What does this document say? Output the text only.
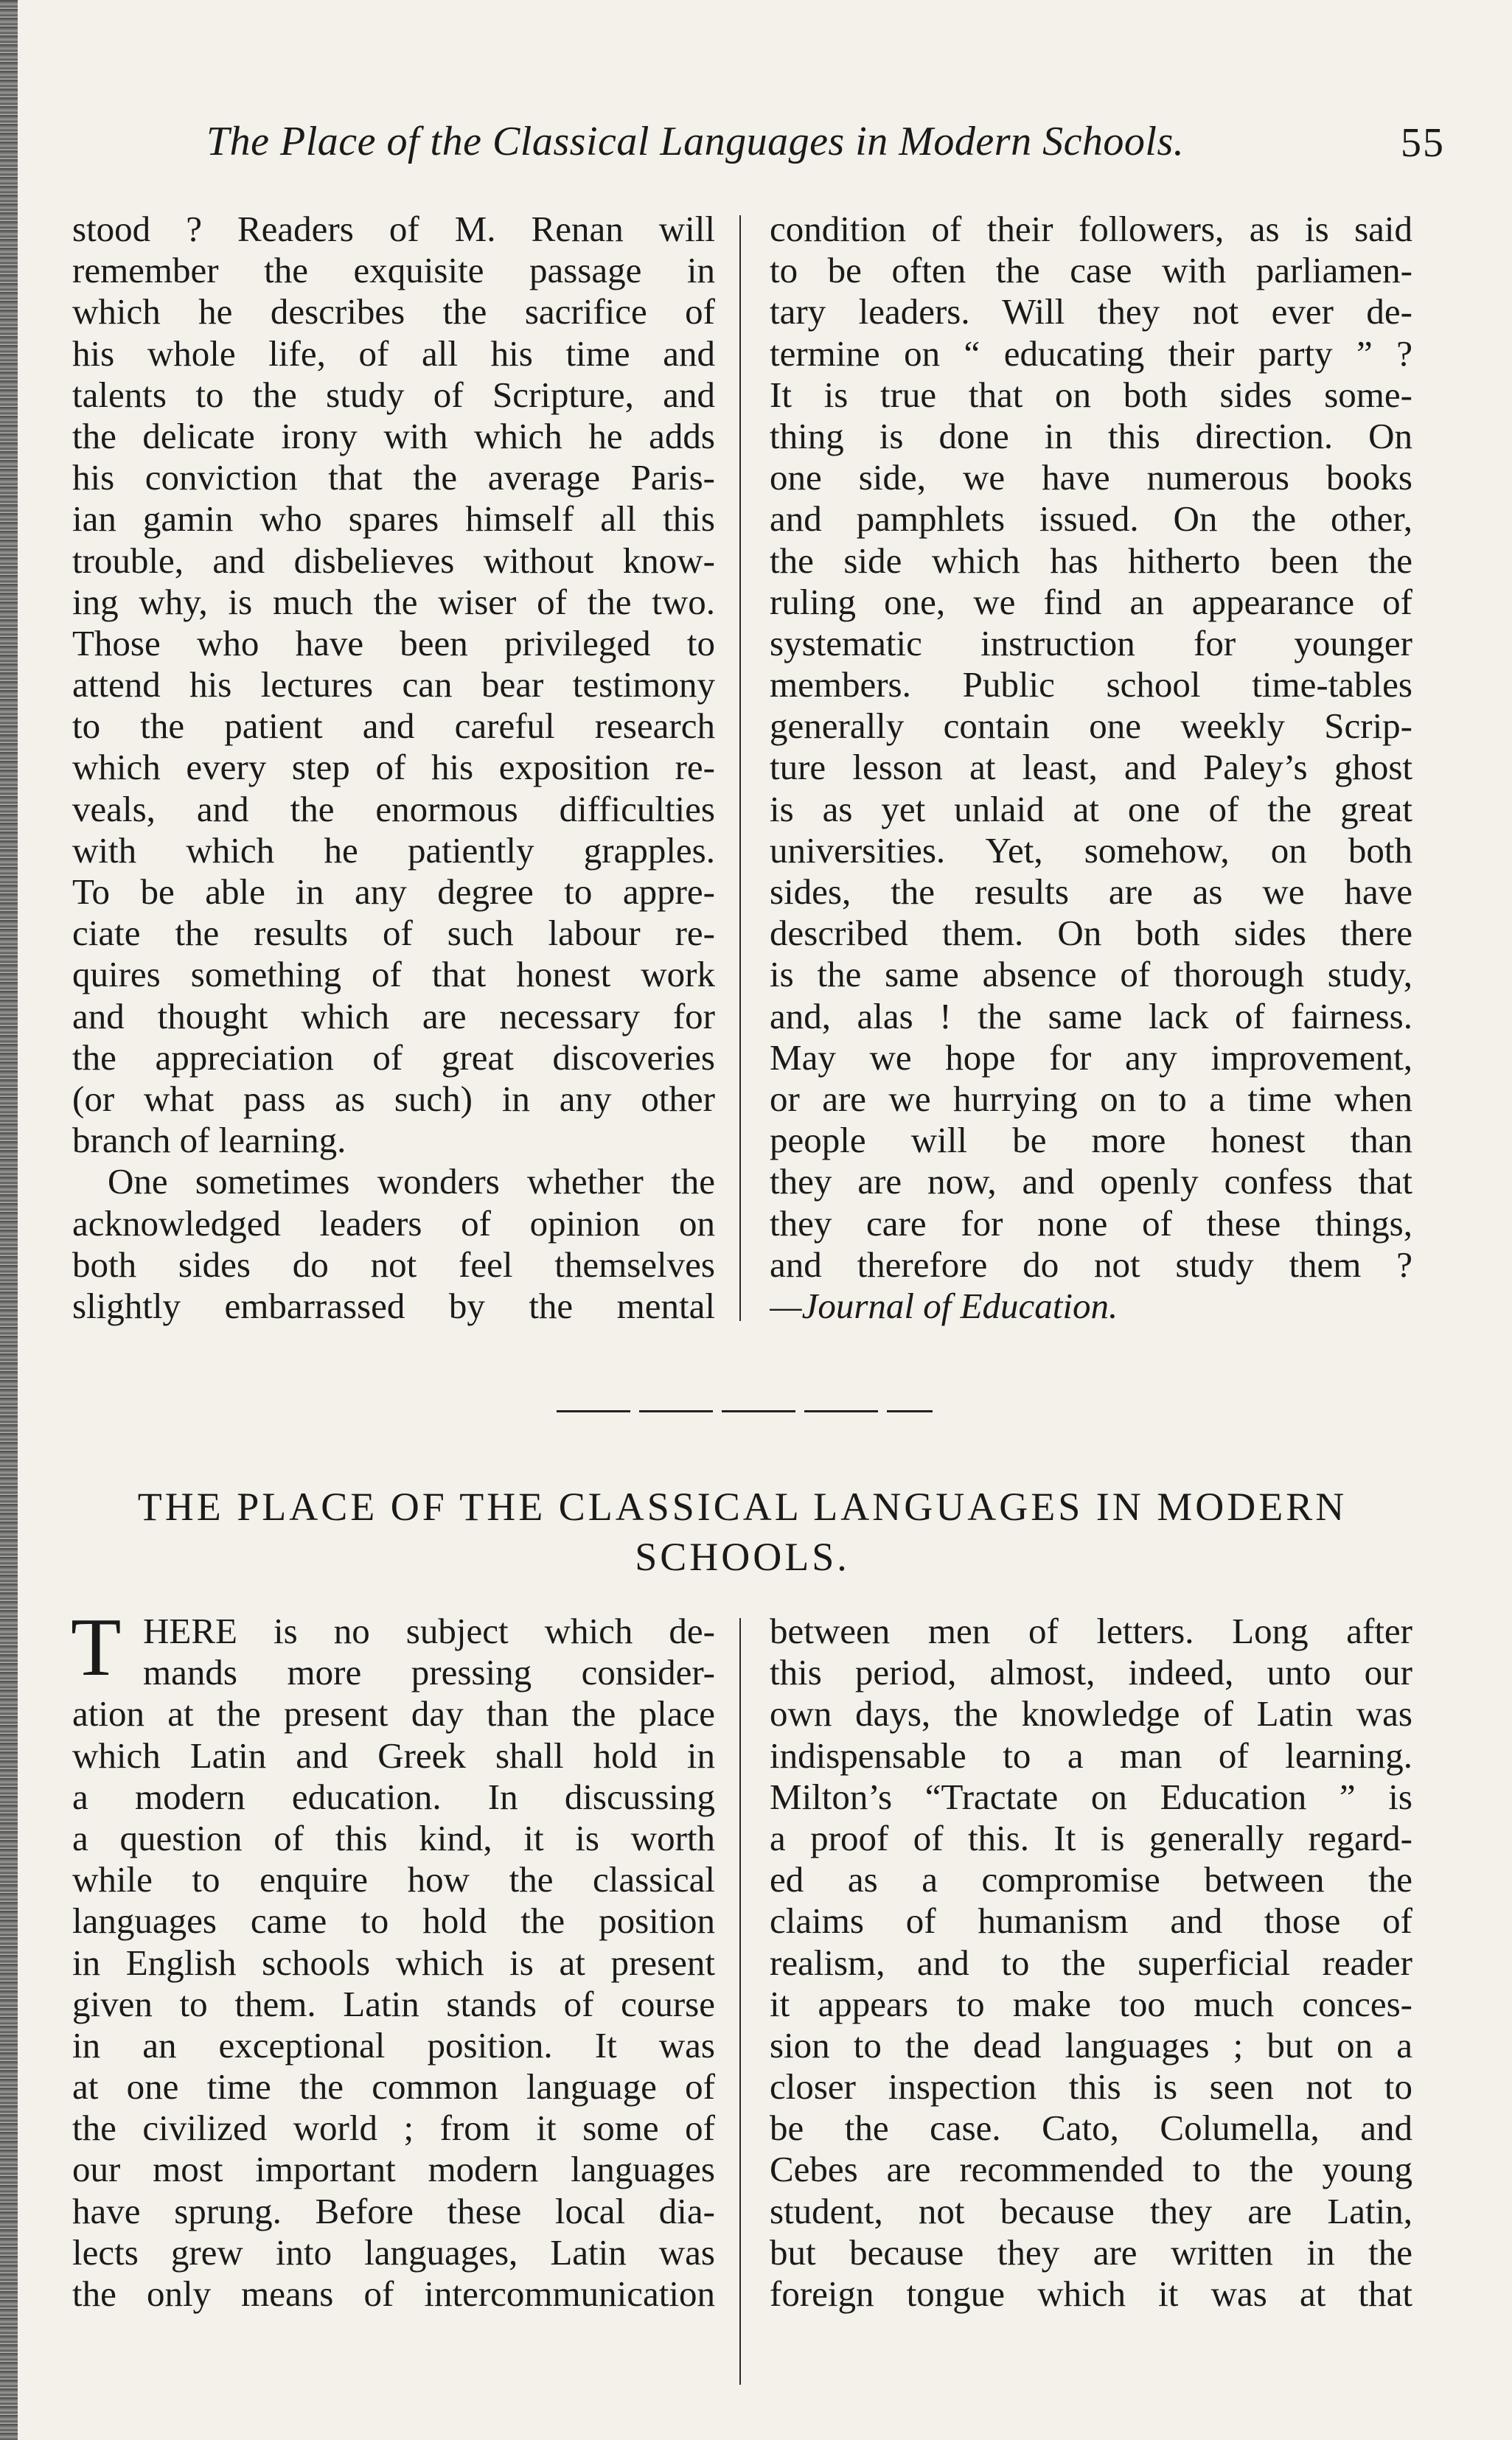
The Place of the Classical Languages in Modern Schools.	55
stood ? Readers of M. Renan will
remember the exquisite passage in
which he describes the sacrifice of
his whole life, of all his time and
talents to the study of Scripture, and
the delicate irony with which he adds
his conviction that the average Paris-
ian gamin who spares himself all this
trouble, and disbelieves without know-
ing why, is much the wiser of the two.
Those who have been privileged to
attend his lectures can bear testimony
to the patient and careful research
which every step of his exposition re-
veals, and the enormous difficulties
with which he patiently grapples.
To be able in any degree to appre-
ciate the results of such labour re-
quires something of that honest work
and thought which are necessary for
the appreciation of great discoveries
(or what pass as such) in any other
branch of learning.
One sometimes wonders whether the
acknowledged leaders of opinion on
both sides do not feel themselves
slightly embarrassed by the mental
condition of their followers, as is said
to be often the case with parliamen-
tary leaders. Will they not ever de-
termine on “ educating their party ” ?
It is true that on both sides some-
thing is done in this direction. On
one side, we have numerous books
and pamphlets issued. On the other,
the side which has hitherto been the
ruling one, we find an appearance of
systematic instruction for younger
members. Public school time-tables
generally contain one weekly Scrip-
ture lesson at least, and Paley’s ghost
is as yet unlaid at one of the great
universities. Yet, somehow, on both
sides, the results are as we have
described them. On both sides there
is the same absence of thorough study,
and, alas ! the same lack of fairness.
May we hope for any improvement,
or are we hurrying on to a time when
people will be more honest than
they are now, and openly confess that
they care for none of these things,
and therefore do not study them ?
—Journal of Education.
THE PLACE OF THE CLASSICAL LANGUAGES IN MODERN
SCHOOLS.
T HERE is no subject which de-
mands more pressing consider-
ation at the present day than the place
which Latin and Greek shall hold in
a modern education. In discussing
a question of this kind, it is worth
while to enquire how the classical
languages came to hold the position
in English schools which is at present
given to them. Latin stands of course
in an exceptional position. It was
at one time the common language of
the civilized world ; from it some of
our most important modern languages
have sprung. Before these local dia-
lects grew into languages, Latin was
the only means of intercommunication
between men of letters. Long after
this period, almost, indeed, unto our
own days, the knowledge of Latin was
indispensable to a man of learning.
Milton’s “Tractate on Education ” is
a proof of this. It is generally regard-
ed as a compromise between the
claims of humanism and those of
realism, and to the superficial reader
it appears to make too much conces-
sion to the dead languages ; but on a
closer inspection this is seen not to
be the case. Cato, Columella, and
Cebes are recommended to the young
student, not because they are Latin,
but because they are written in the
foreign tongue which it was at that
